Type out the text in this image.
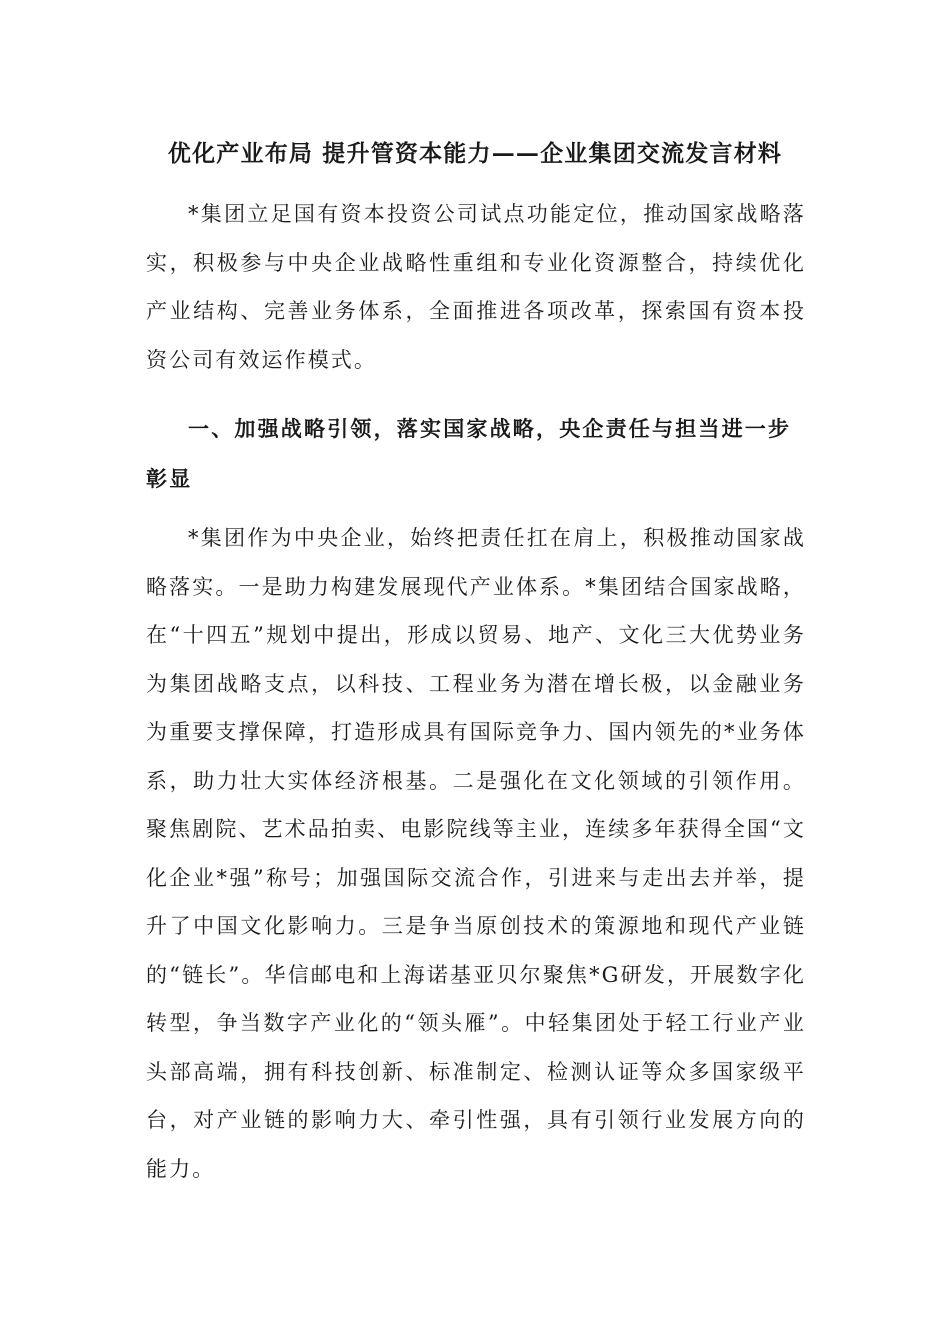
优化产业布局 提升管资本能力——企业集团交流发言材料

*集团立足国有资本投资公司试点功能定位，推动国家战略落实，积极参与中央企业战略性重组和专业化资源整合，持续优化产业结构、完善业务体系，全面推进各项改革，探索国有资本投资公司有效运作模式。

一、加强战略引领，落实国家战略，央企责任与担当进一步彰显

*集团作为中央企业，始终把责任扛在肩上，积极推动国家战略落实。一是助力构建发展现代产业体系。*集团结合国家战略，在“十四五”规划中提出，形成以贸易、地产、文化三大优势业务为集团战略支点，以科技、工程业务为潜在增长极，以金融业务为重要支撑保障，打造形成具有国际竞争力、国内领先的*业务体系，助力壮大实体经济根基。二是强化在文化领域的引领作用。聚焦剧院、艺术品拍卖、电影院线等主业，连续多年获得全国“文化企业*强”称号；加强国际交流合作，引进来与走出去并举，提升了中国文化影响力。三是争当原创技术的策源地和现代产业链的“链长”。华信邮电和上海诺基亚贝尔聚焦*G研发，开展数字化转型，争当数字产业化的“领头雁”。中轻集团处于轻工行业产业头部高端，拥有科技创新、标准制定、检测认证等众多国家级平台，对产业链的影响力大、牵引性强，具有引领行业发展方向的能力。
